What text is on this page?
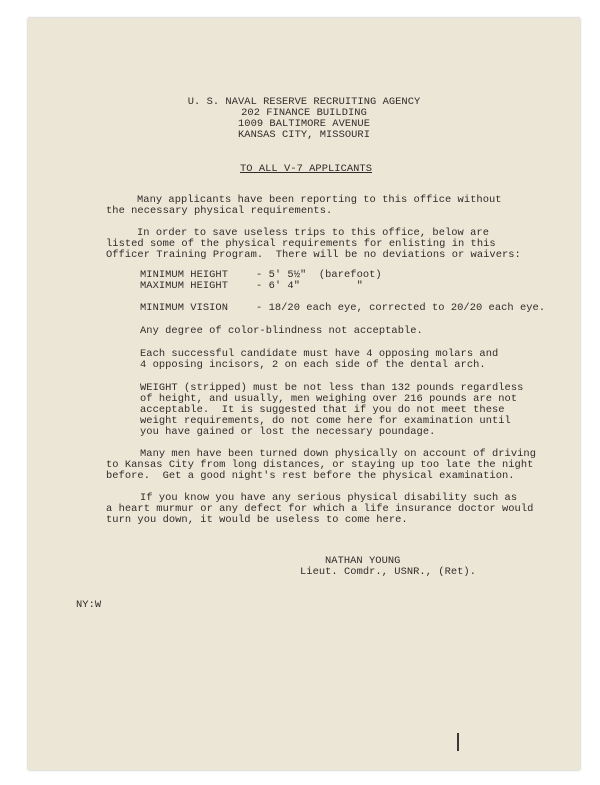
U. S. NAVAL RESERVE RECRUITING AGENCY
202 FINANCE BUILDING
1009 BALTIMORE AVENUE
KANSAS CITY, MISSOURI
TO ALL V-7 APPLICANTS
Many applicants have been reporting to this office without
the necessary physical requirements.
In order to save useless trips to this office, below are
listed some of the physical requirements for enlisting in this
Officer Training Program.  There will be no deviations or waivers:
MINIMUM HEIGHT	- 5' 5½"  (barefoot)
MAXIMUM HEIGHT	- 6' 4"         "
MINIMUM VISION	- 18/20 each eye, corrected to 20/20 each eye.
Any degree of color-blindness not acceptable.
Each successful candidate must have 4 opposing molars and
4 opposing incisors, 2 on each side of the dental arch.
WEIGHT (stripped) must be not less than 132 pounds regardless
of height, and usually, men weighing over 216 pounds are not
acceptable.  It is suggested that if you do not meet these
weight requirements, do not come here for examination until
you have gained or lost the necessary poundage.
Many men have been turned down physically on account of driving
to Kansas City from long distances, or staying up too late the night
before.  Get a good night's rest before the physical examination.
If you know you have any serious physical disability such as
a heart murmur or any defect for which a life insurance doctor would
turn you down, it would be useless to come here.
NATHAN YOUNG
Lieut. Comdr., USNR., (Ret).
NY:W
